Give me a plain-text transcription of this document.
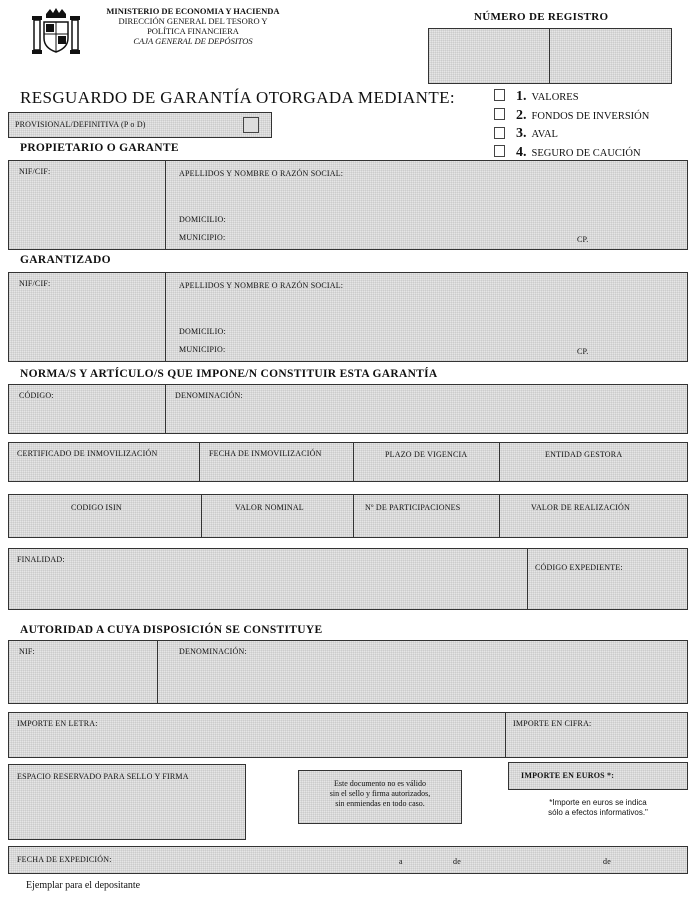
MINISTERIO DE ECONOMIA Y HACIENDA
DIRECCIÓN GENERAL DEL TESORO Y
POLÍTICA FINANCIERA
CAJA GENERAL DE DEPÓSITOS
NÚMERO DE REGISTRO
RESGUARDO DE GARANTÍA OTORGADA MEDIANTE:	1. VALORES
2. FONDOS DE INVERSIÓN
3. AVAL
4. SEGURO DE CAUCIÓN
PROVISIONAL/DEFINITIVA (P o D)
PROPIETARIO O GARANTE
NIF/CIF:	APELLIDOS Y NOMBRE O RAZÓN SOCIAL:
DOMICILIO:
MUNICIPIO:	CP.
GARANTIZADO
NIF/CIF:	APELLIDOS Y NOMBRE O RAZÓN SOCIAL:
DOMICILIO:
MUNICIPIO:	CP.
NORMA/S Y ARTÍCULO/S QUE IMPONE/N CONSTITUIR ESTA GARANTÍA
CÓDIGO:	DENOMINACIÓN:
CERTIFICADO DE INMOVILIZACIÓN	FECHA DE INMOVILIZACIÓN	PLAZO DE VIGENCIA	ENTIDAD GESTORA
CODIGO ISIN	VALOR NOMINAL	Nº DE PARTICIPACIONES	VALOR DE REALIZACIÓN
FINALIDAD:
CÓDIGO EXPEDIENTE:
AUTORIDAD A CUYA DISPOSICIÓN SE CONSTITUYE
NIF:	DENOMINACIÓN:
IMPORTE EN LETRA:	IMPORTE EN CIFRA:
ESPACIO RESERVADO PARA SELLO Y FIRMA
Este documento no es válido
sin el sello y firma autorizados,
sin enmiendas en todo caso.
IMPORTE EN EUROS *:
*Importe en euros se indica
sólo a efectos informativos."
FECHA DE EXPEDICIÓN:	a	de	de
Ejemplar para el depositante
